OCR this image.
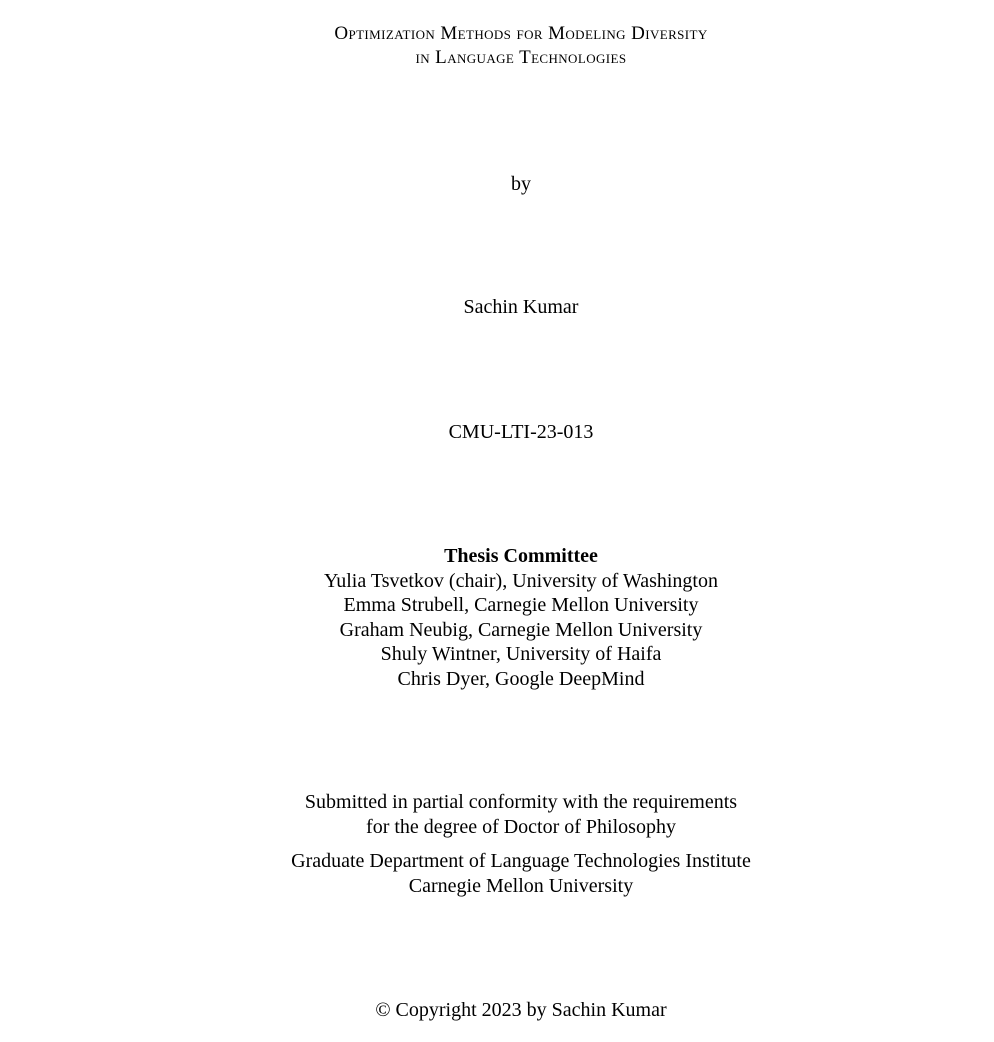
Optimization Methods for Modeling Diversity
in Language Technologies
by
Sachin Kumar
CMU-LTI-23-013
Thesis Committee
Yulia Tsvetkov (chair), University of Washington
Emma Strubell, Carnegie Mellon University
Graham Neubig, Carnegie Mellon University
Shuly Wintner, University of Haifa
Chris Dyer, Google DeepMind
Submitted in partial conformity with the requirements
for the degree of Doctor of Philosophy
Graduate Department of Language Technologies Institute
Carnegie Mellon University
© Copyright 2023 by Sachin Kumar
